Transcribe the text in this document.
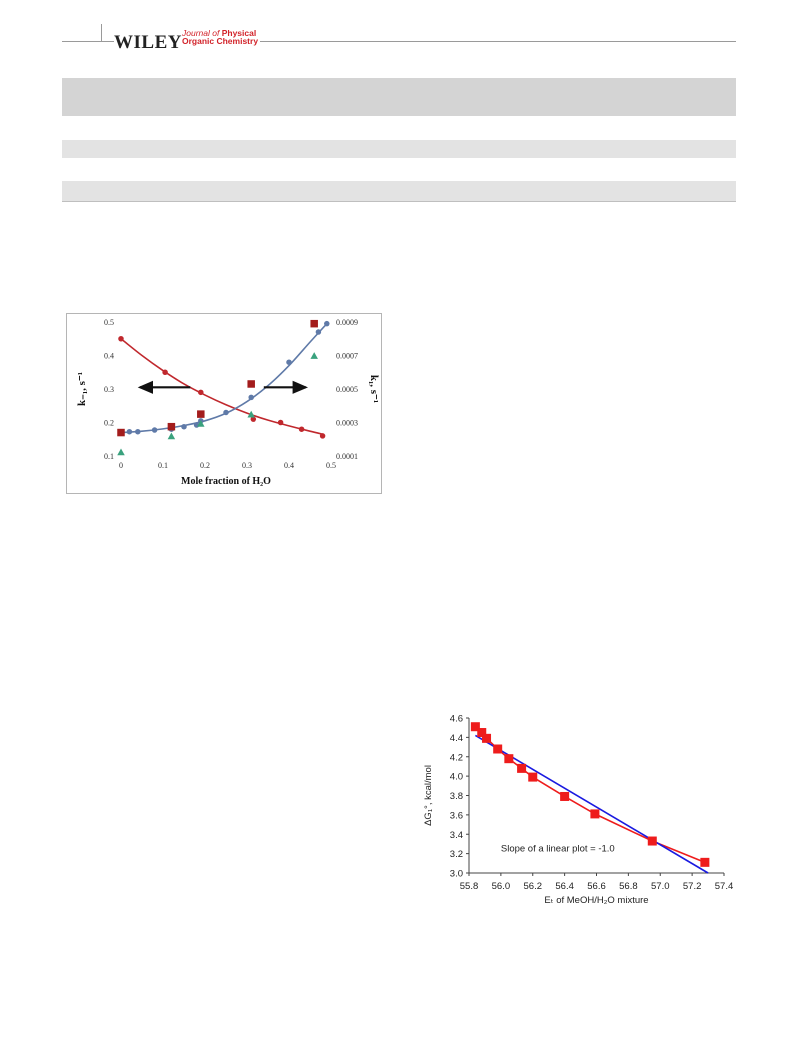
WILEY Journal of Physical
Organic Chemistry
0	0.1	0.2	0.3	0.4	0.5
0.1
0.2
0.3
0.4
0.5
0.0001
0.0003
0.0005
0.0007
0.0009
Mole fraction of H₂O
k₋₁, s⁻¹	k₁, s⁻¹
55.8 56.0 56.2 56.4 56.6 56.8 57.0 57.2 57.4
3.0
3.2
3.4
3.6
3.8
4.0
4.2
4.4
4.6
Eₜ of MeOH/H₂O mixture
ΔG₁°, kcal/mol
Slope of a linear plot = -1.0
